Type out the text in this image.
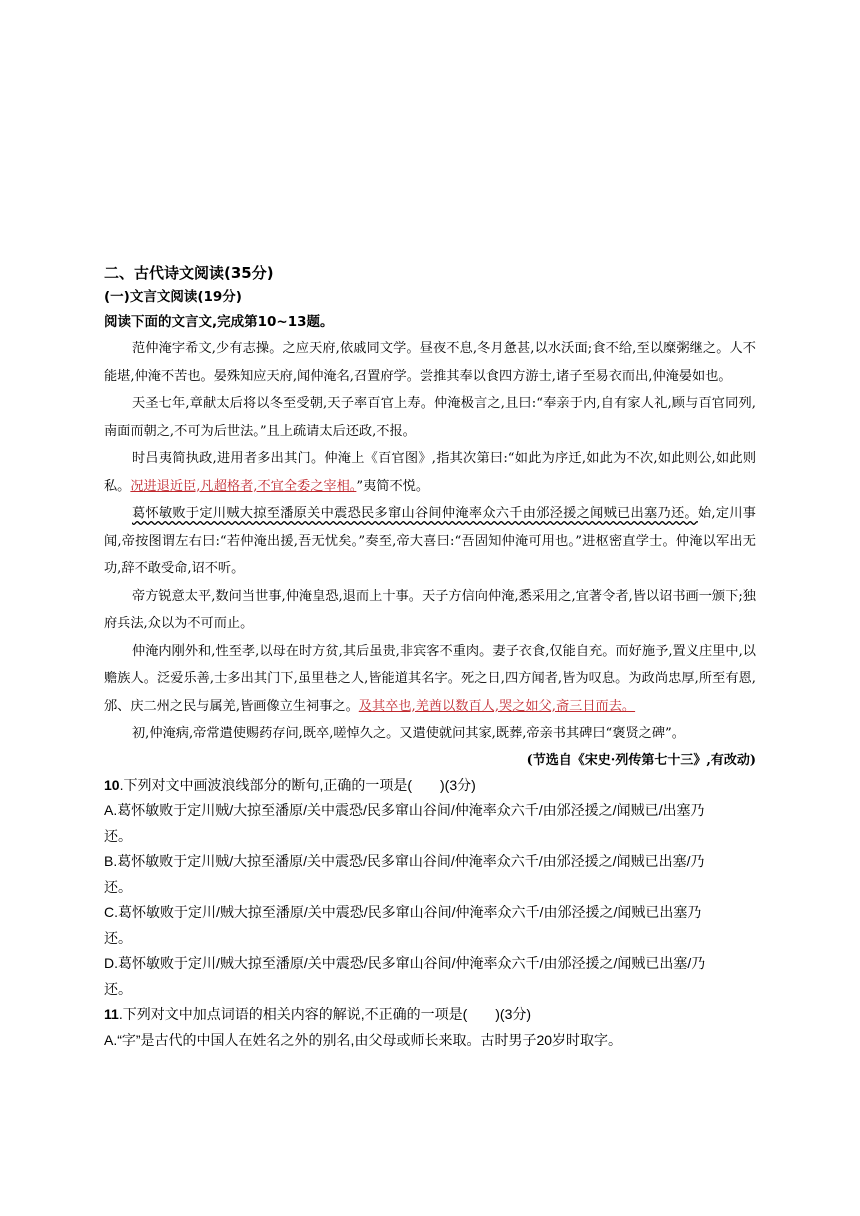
二、古代诗文阅读(35分)
(一)文言文阅读(19分)
阅读下面的文言文,完成第10~13题。

范仲淹字希文,少有志操。之应天府,依戚同文学。昼夜不息,冬月惫甚,以水沃面;食不给,至以糜粥继之。人不能堪,仲淹不苦也。晏殊知应天府,闻仲淹名,召置府学。尝推其奉以食四方游士,诸子至易衣而出,仲淹晏如也。

天圣七年,章献太后将以冬至受朝,天子率百官上寿。仲淹极言之,且曰:“奉亲于内,自有家人礼,顾与百官同列,南面而朝之,不可为后世法。”且上疏请太后还政,不报。

时吕夷简执政,进用者多出其门。仲淹上《百官图》,指其次第曰:“如此为序迁,如此为不次,如此则公,如此则私。况进退近臣,凡超格者,不宜全委之宰相。”夷简不悦。

葛怀敏败于定川贼大掠至潘原关中震恐民多窜山谷间仲淹率众六千由邠泾援之闻贼已出塞乃还。始,定川事闻,帝按图谓左右曰:“若仲淹出援,吾无忧矣。”奏至,帝大喜曰:“吾固知仲淹可用也。”进枢密直学士。仲淹以军出无功,辞不敢受命,诏不听。

帝方锐意太平,数问当世事,仲淹皇恐,退而上十事。天子方信向仲淹,悉采用之,宜著令者,皆以诏书画一颁下;独府兵法,众以为不可而止。

仲淹内刚外和,性至孝,以母在时方贫,其后虽贵,非宾客不重肉。妻子衣食,仅能自充。而好施予,置义庄里中,以赡族人。泛爱乐善,士多出其门下,虽里巷之人,皆能道其名字。死之日,四方闻者,皆为叹息。为政尚忠厚,所至有恩,邠、庆二州之民与属羌,皆画像立生祠事之。及其卒也,羌酋以数百人,哭之如父,斋三日而去。

初,仲淹病,帝常遣使赐药存问,既卒,嗟悼久之。又遣使就问其家,既葬,帝亲书其碑曰“褒贤之碑”。

(节选自《宋史·列传第七十三》,有改动)
10.下列对文中画波浪线部分的断句,正确的一项是(　　)(3分)
A.葛怀敏败于定川贼/大掠至潘原/关中震恐/民多窜山谷间/仲淹率众六千/由邠泾援之/闻贼已/出塞乃
还。
B.葛怀敏败于定川贼/大掠至潘原/关中震恐/民多窜山谷间/仲淹率众六千/由邠泾援之/闻贼已出塞/乃
还。
C.葛怀敏败于定川/贼大掠至潘原/关中震恐/民多窜山谷间/仲淹率众六千/由邠泾援之/闻贼已出塞乃
还。
D.葛怀敏败于定川/贼大掠至潘原/关中震恐/民多窜山谷间/仲淹率众六千/由邠泾援之/闻贼已出塞/乃
还。
11.下列对文中加点词语的相关内容的解说,不正确的一项是(　　)(3分)
A.“字”是古代的中国人在姓名之外的别名,由父母或师长来取。古时男子20岁时取字。
